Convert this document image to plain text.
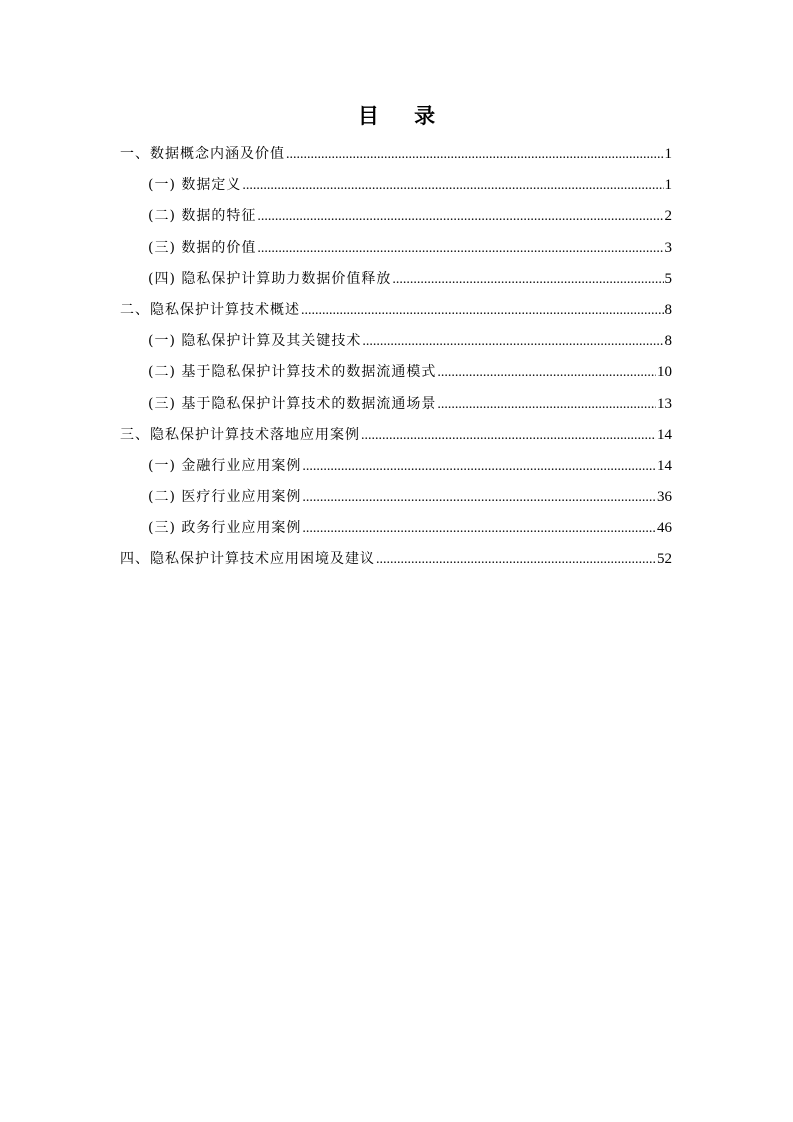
目 录
一、数据概念内涵及价值 .....	1
(一) 数据定义 .....	1
(二) 数据的特征 .....	2
(三) 数据的价值 .....	3
(四) 隐私保护计算助力数据价值释放 .....	5
二、隐私保护计算技术概述 .....	8
(一) 隐私保护计算及其关键技术 .....	8
(二) 基于隐私保护计算技术的数据流通模式 .....	10
(三) 基于隐私保护计算技术的数据流通场景 .....	13
三、隐私保护计算技术落地应用案例 .....	14
(一) 金融行业应用案例 .....	14
(二) 医疗行业应用案例 .....	36
(三) 政务行业应用案例 .....	46
四、隐私保护计算技术应用困境及建议 .....	52
